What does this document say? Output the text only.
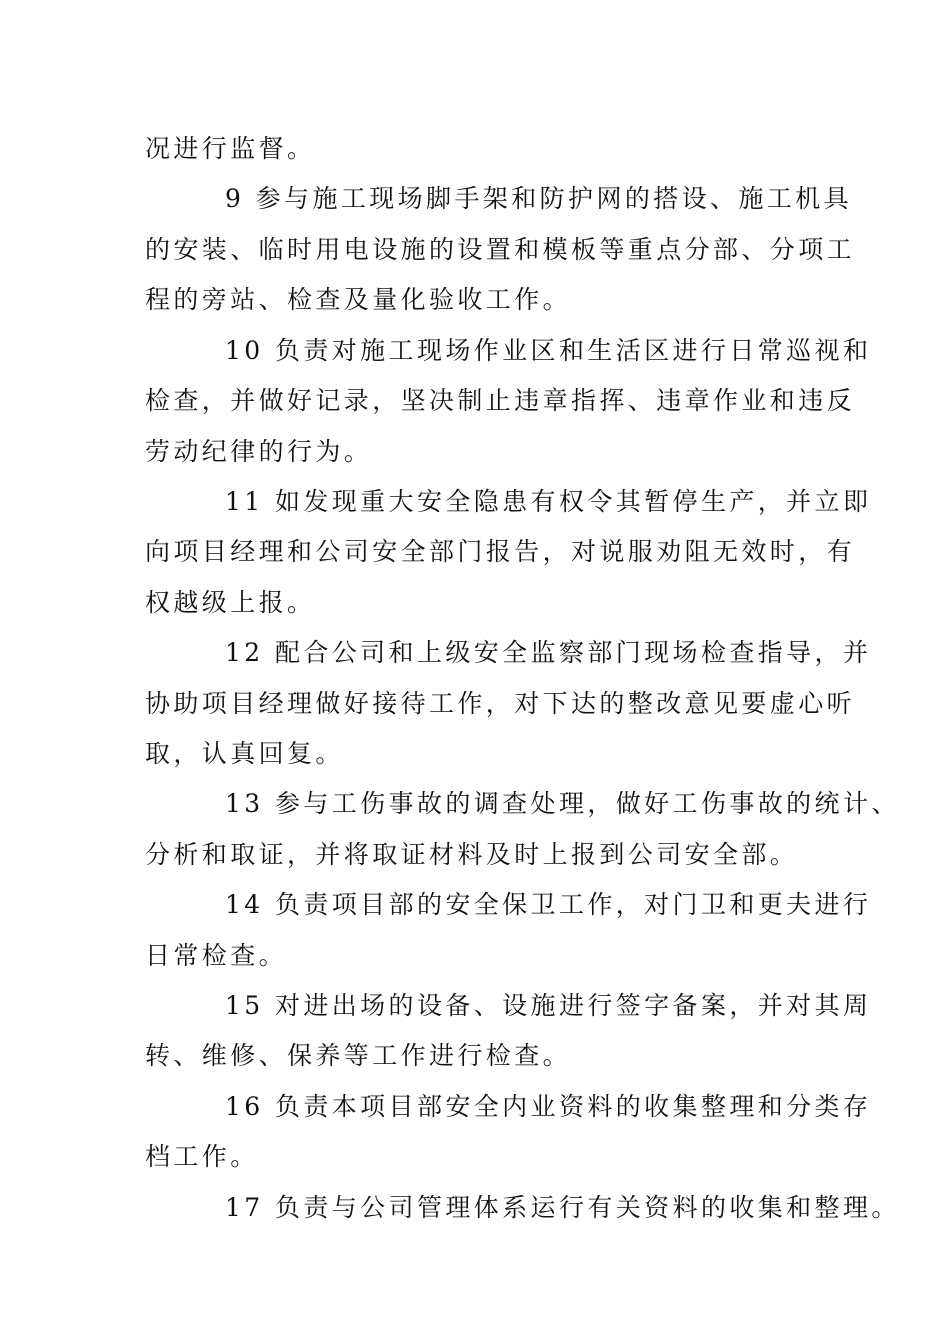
况进行监督。
9 参与施工现场脚手架和防护网的搭设、施工机具
的安装、临时用电设施的设置和模板等重点分部、分项工
程的旁站、检查及量化验收工作。
10 负责对施工现场作业区和生活区进行日常巡视和
检查，并做好记录，坚决制止违章指挥、违章作业和违反
劳动纪律的行为。
11 如发现重大安全隐患有权令其暂停生产，并立即
向项目经理和公司安全部门报告，对说服劝阻无效时，有
权越级上报。
12 配合公司和上级安全监察部门现场检查指导，并
协助项目经理做好接待工作，对下达的整改意见要虚心听
取，认真回复。
13 参与工伤事故的调查处理，做好工伤事故的统计、
分析和取证，并将取证材料及时上报到公司安全部。
14 负责项目部的安全保卫工作，对门卫和更夫进行
日常检查。
15 对进出场的设备、设施进行签字备案，并对其周
转、维修、保养等工作进行检查。
16 负责本项目部安全内业资料的收集整理和分类存
档工作。
17 负责与公司管理体系运行有关资料的收集和整理。
